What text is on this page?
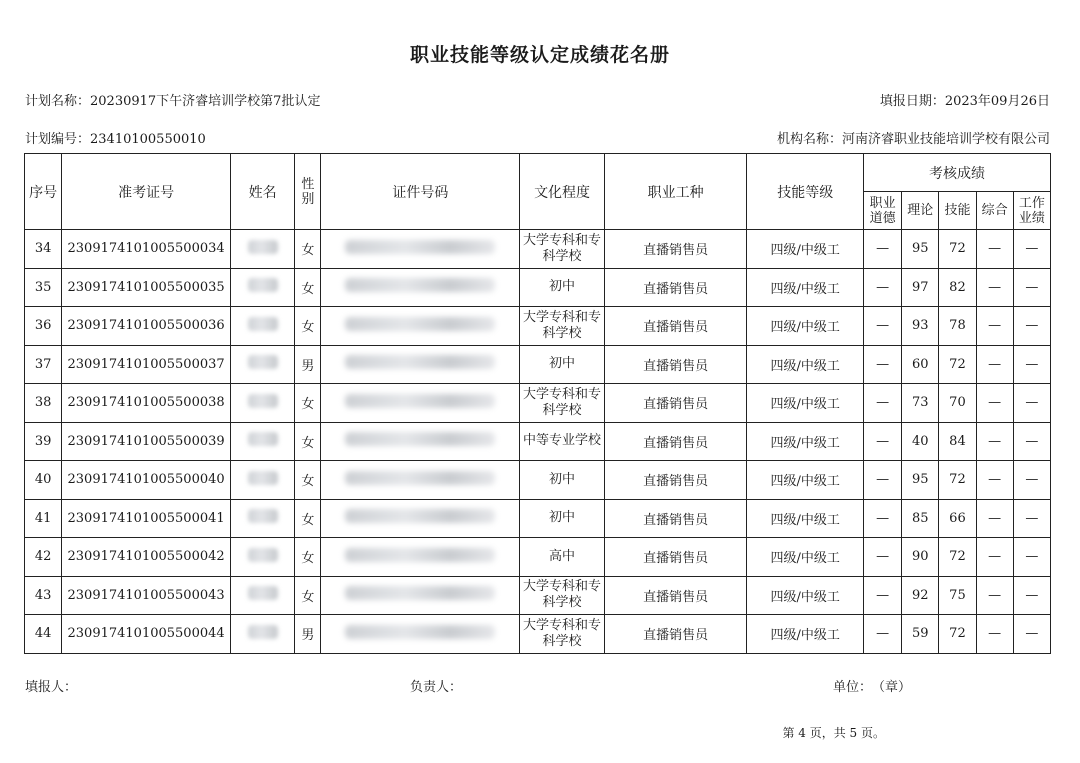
职业技能等级认定成绩花名册
计划名称：20230917下午济睿培训学校第7批认定	填报日期：2023年09月26日
计划编号：23410100550010	机构名称：河南济睿职业技能培训学校有限公司
序号	准考证号	姓名	性别	证件号码	文化程度	职业工种	技能等级	考核成绩				
								职业道德	理论	技能	综合	工作业绩
34	2309174101005500034		女		大学专科和专科学校	直播销售员	四级/中级工	—	95	72	—	—
35	2309174101005500035		女		初中	直播销售员	四级/中级工	—	97	82	—	—
36	2309174101005500036		女		大学专科和专科学校	直播销售员	四级/中级工	—	93	78	—	—
37	2309174101005500037		男		初中	直播销售员	四级/中级工	—	60	72	—	—
38	2309174101005500038		女		大学专科和专科学校	直播销售员	四级/中级工	—	73	70	—	—
39	2309174101005500039		女		中等专业学校	直播销售员	四级/中级工	—	40	84	—	—
40	2309174101005500040		女		初中	直播销售员	四级/中级工	—	95	72	—	—
41	2309174101005500041		女		初中	直播销售员	四级/中级工	—	85	66	—	—
42	2309174101005500042		女		高中	直播销售员	四级/中级工	—	90	72	—	—
43	2309174101005500043		女		大学专科和专科学校	直播销售员	四级/中级工	—	92	75	—	—
44	2309174101005500044		男		大学专科和专科学校	直播销售员	四级/中级工	—	59	72	—	—
填报人：	负责人：	单位：　（章）
第 4 页，共 5 页。
